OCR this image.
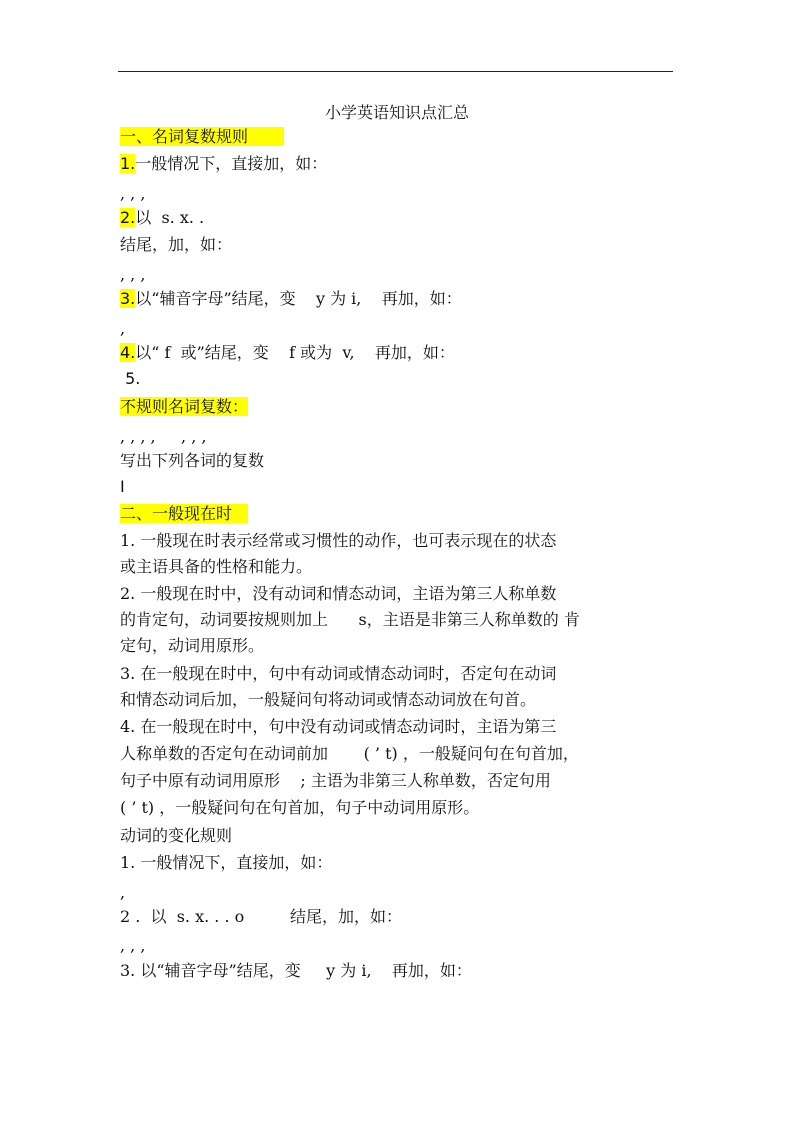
小学英语知识点汇总
一、名词复数规则
1.一般情况下，直接加，如：
, , ,
2.以  s. x. .
结尾，加，如：
, , ,
3.以“辅音字母”结尾，变    y 为 i,    再加，如：
,
4.以“ f  或”结尾，变    f 或为  v,    再加，如：
5.
不规则名词复数：
, , , ,     , , ,
写出下列各词的复数
I
二、一般现在时
1. 一般现在时表示经常或习惯性的动作，也可表示现在的状态
或主语具备的性格和能力。
2. 一般现在时中，没有动词和情态动词，主语为第三人称单数
的肯定句，动词要按规则加上      s，主语是非第三人称单数的 肯
定句，动词用原形。
3. 在一般现在时中，句中有动词或情态动词时，否定句在动词
和情态动词后加，一般疑问句将动词或情态动词放在句首。
4. 在一般现在时中，句中没有动词或情态动词时，主语为第三
人称单数的否定句在动词前加       ( ’ t) ，一般疑问句在句首加，
句子中原有动词用原形    ; 主语为非第三人称单数，否定句用
( ’ t) ，一般疑问句在句首加，句子中动词用原形。
动词的变化规则
1. 一般情况下，直接加，如：
,
2 .  以  s. x. . . o         结尾，加，如：
, , ,
3. 以“辅音字母”结尾，变     y 为 i,    再加，如：
